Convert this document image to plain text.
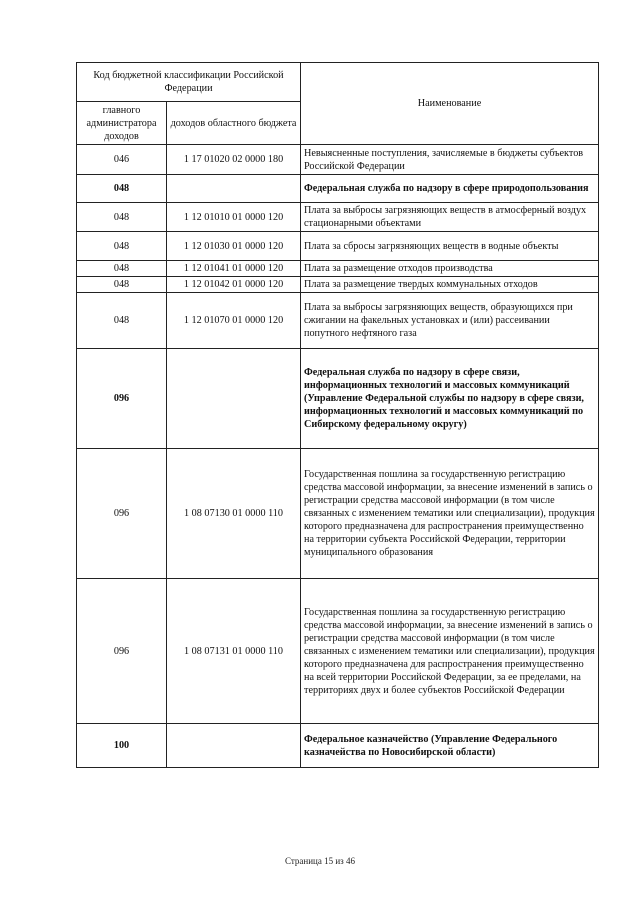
Код бюджетной классификации Российской Федерации		Наименование
главного администратора доходов	доходов областного бюджета	
046	1 17 01020 02 0000 180	Невыясненные поступления, зачисляемые в бюджеты субъектов Российской Федерации
048		Федеральная служба по надзору в сфере природопользования
048	1 12 01010 01 0000 120	Плата за выбросы загрязняющих веществ в атмосферный воздух стационарными объектами
048	1 12 01030 01 0000 120	Плата за сбросы загрязняющих веществ в водные объекты
048	1 12 01041 01 0000 120	Плата за размещение отходов производства
048	1 12 01042 01 0000 120	Плата за размещение твердых коммунальных отходов
048	1 12 01070 01 0000 120	Плата за выбросы загрязняющих веществ, образующихся при сжигании на факельных установках и (или) рассеивании попутного нефтяного газа
096		Федеральная служба по надзору в сфере связи, информационных технологий и массовых коммуникаций (Управление Федеральной службы по надзору в сфере связи, информационных технологий и массовых коммуникаций по Сибирскому федеральному округу)
096	1 08 07130 01 0000 110	Государственная пошлина за государственную регистрацию средства массовой информации, за внесение изменений в запись о регистрации средства массовой информации (в том числе связанных с изменением тематики или специализации), продукция которого предназначена для распространения преимущественно на территории субъекта Российской Федерации, территории муниципального образования
096	1 08 07131 01 0000 110	Государственная пошлина за государственную регистрацию средства массовой информации, за внесение изменений в запись о регистрации средства массовой информации (в том числе связанных с изменением тематики или специализации), продукция которого предназначена для распространения преимущественно на всей территории Российской Федерации, за ее пределами, на территориях двух и более субъектов Российской Федерации
100		Федеральное казначейство (Управление Федерального казначейства по Новосибирской области)
Страница 15 из 46
